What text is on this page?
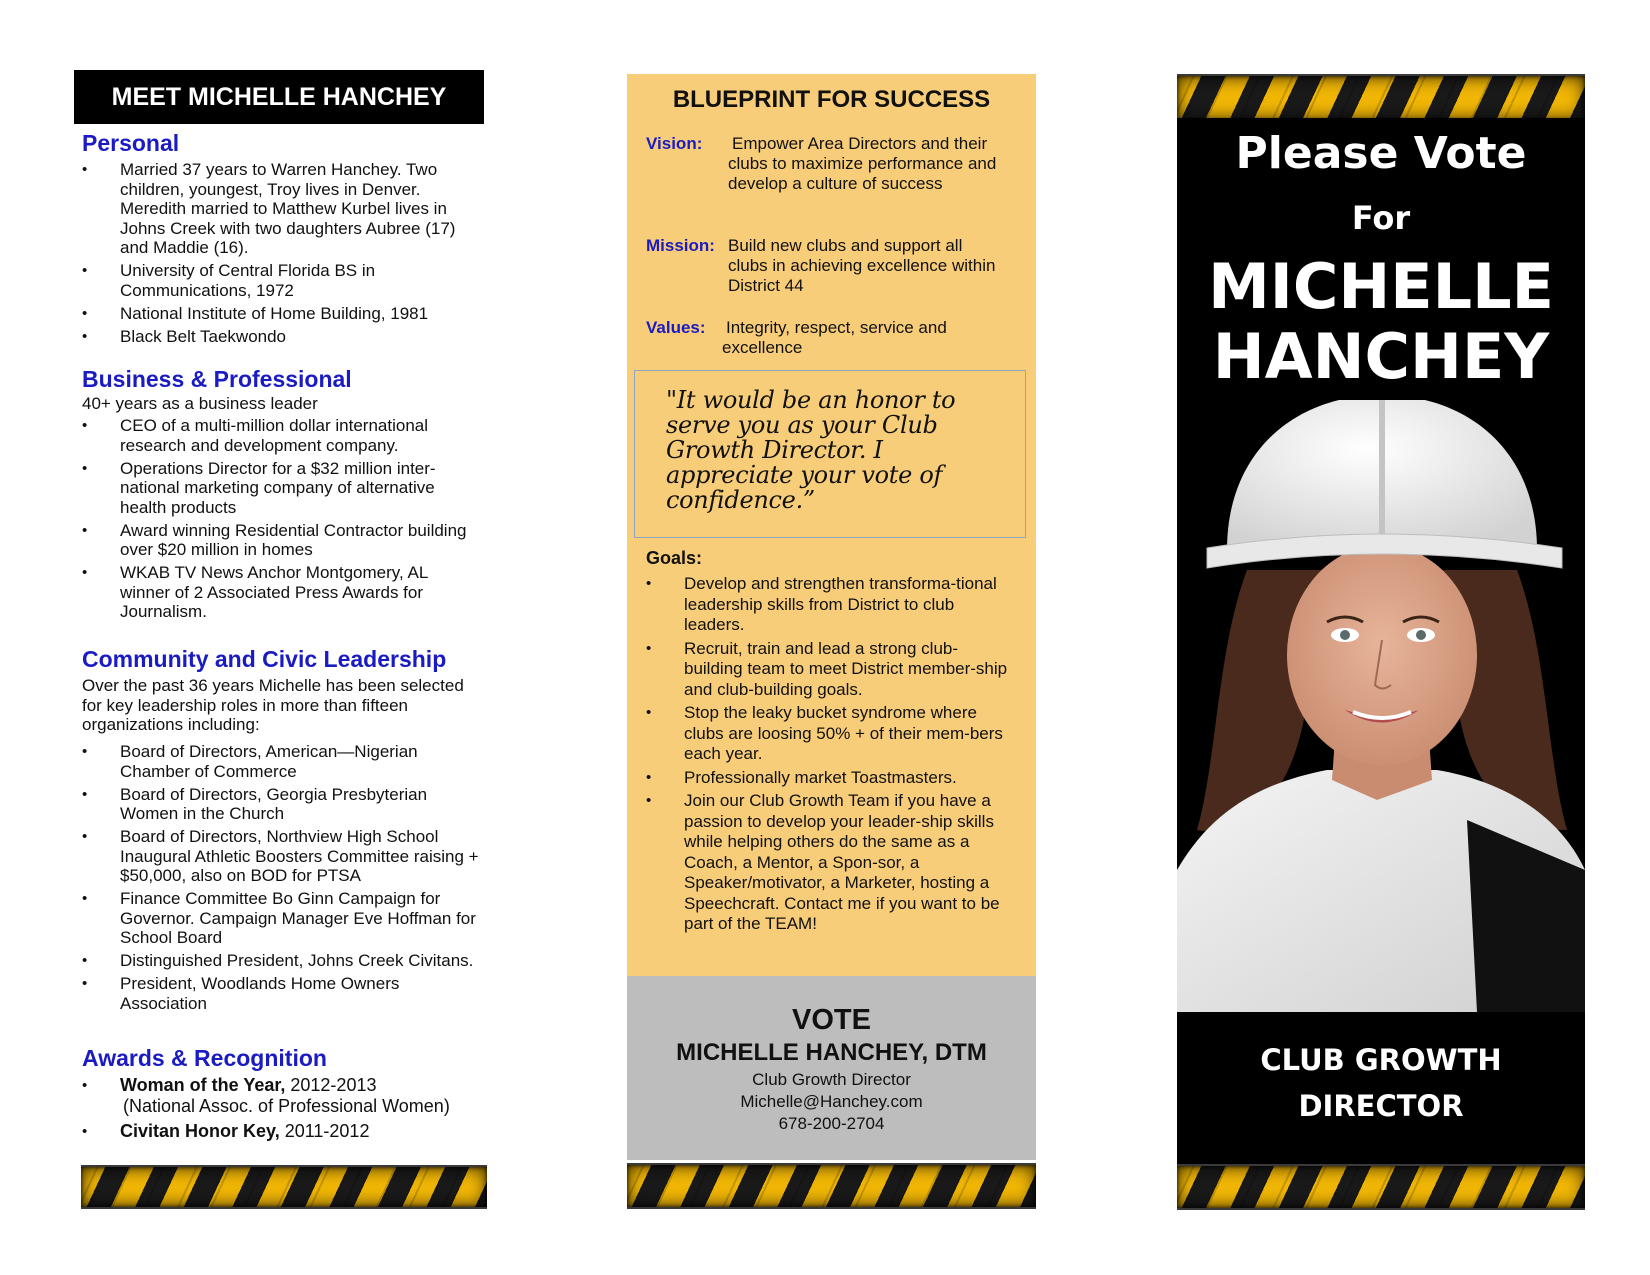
MEET MICHELLE HANCHEY
Personal
• Married 37 years to Warren Hanchey. Two children, youngest, Troy lives in Denver. Meredith married to Matthew Kurbel lives in Johns Creek with two daughters Aubree (17) and Maddie (16).
• University of Central Florida BS in Communications, 1972
• National Institute of Home Building, 1981
• Black Belt Taekwondo
Business & Professional
40+ years as a business leader
• CEO of a multi-million dollar international research and development company.
• Operations Director for a $32 million inter-national marketing company of alternative health products
• Award winning Residential Contractor building over $20 million in homes
• WKAB TV News Anchor Montgomery, AL winner of 2 Associated Press Awards for Journalism.
Community and Civic Leadership
Over the past 36 years Michelle has been selected for key leadership roles in more than fifteen organizations including:
• Board of Directors, American—Nigerian Chamber of Commerce
• Board of Directors, Georgia Presbyterian Women in the Church
• Board of Directors, Northview High School Inaugural Athletic Boosters Committee raising + $50,000, also on BOD for PTSA
• Finance Committee Bo Ginn Campaign for Governor. Campaign Manager Eve Hoffman for School Board
• Distinguished President, Johns Creek Civitans.
• President, Woodlands Home Owners Association
Awards & Recognition
• Woman of the Year, 2012-2013
(National Assoc. of Professional Women)
• Civitan Honor Key, 2011-2012
BLUEPRINT FOR SUCCESS
Vision: Empower Area Directors and their clubs to maximize performance and develop a culture of success
Mission: Build new clubs and support all clubs in achieving excellence within District 44
Values: Integrity, respect, service and excellence
"It would be an honor to serve you as your Club Growth Director. I appreciate your vote of confidence.”
Goals:
• Develop and strengthen transforma-tional leadership skills from District to club leaders.
• Recruit, train and lead a strong club-building team to meet District member-ship and club-building goals.
• Stop the leaky bucket syndrome where clubs are loosing 50% + of their mem-bers each year.
• Professionally market Toastmasters.
• Join our Club Growth Team if you have a passion to develop your leader-ship skills while helping others do the same as a Coach, a Mentor, a Spon-sor, a Speaker/motivator, a Marketer, hosting a Speechcraft. Contact me if you want to be part of the TEAM!
VOTE
MICHELLE HANCHEY, DTM
Club Growth Director
Michelle@Hanchey.com
678-200-2704
Please Vote
For
MICHELLE
HANCHEY
CLUB GROWTH
DIRECTOR
